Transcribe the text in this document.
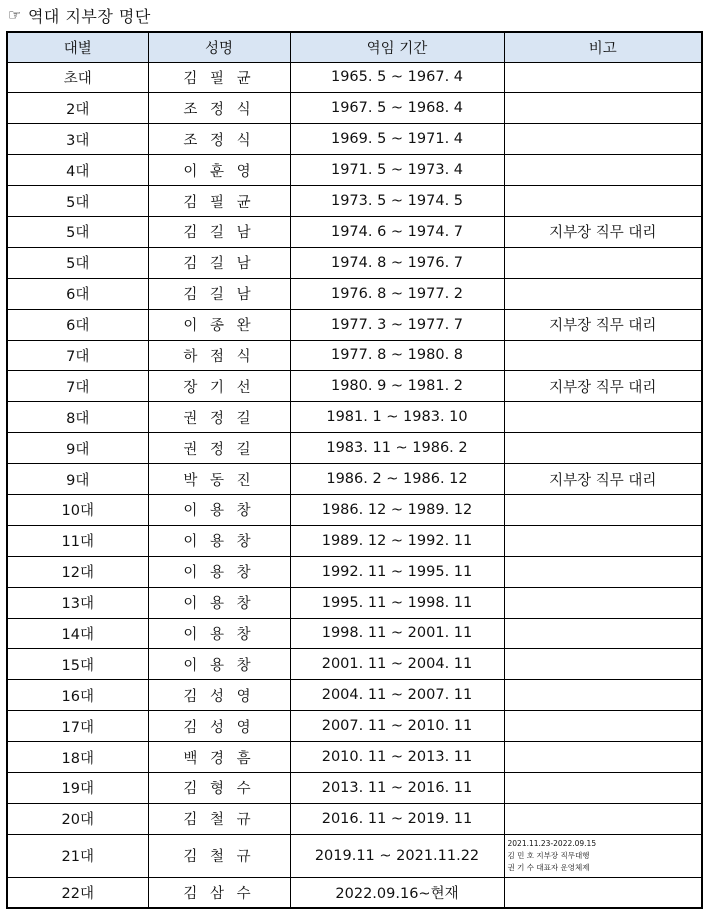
☞ 역대 지부장 명단
대별	성명	역임 기간	비고
초대	김 필 균	1965. 5 ~ 1967. 4	
2대	조 정 식	1967. 5 ~ 1968. 4	
3대	조 정 식	1969. 5 ~ 1971. 4	
4대	이 훈 영	1971. 5 ~ 1973. 4	
5대	김 필 균	1973. 5 ~ 1974. 5	
5대	김 길 남	1974. 6 ~ 1974. 7	지부장 직무 대리
5대	김 길 남	1974. 8 ~ 1976. 7	
6대	김 길 남	1976. 8 ~ 1977. 2	
6대	이 종 완	1977. 3 ~ 1977. 7	지부장 직무 대리
7대	하 점 식	1977. 8 ~ 1980. 8	
7대	장 기 선	1980. 9 ~ 1981. 2	지부장 직무 대리
8대	권 정 길	1981. 1 ~ 1983. 10	
9대	권 정 길	1983. 11 ~ 1986. 2	
9대	박 동 진	1986. 2 ~ 1986. 12	지부장 직무 대리
10대	이 용 창	1986. 12 ~ 1989. 12	
11대	이 용 창	1989. 12 ~ 1992. 11	
12대	이 용 창	1992. 11 ~ 1995. 11	
13대	이 용 창	1995. 11 ~ 1998. 11	
14대	이 용 창	1998. 11 ~ 2001. 11	
15대	이 용 창	2001. 11 ~ 2004. 11	
16대	김 성 영	2004. 11 ~ 2007. 11	
17대	김 성 영	2007. 11 ~ 2010. 11	
18대	백 경 흠	2010. 11 ~ 2013. 11	
19대	김 형 수	2013. 11 ~ 2016. 11	
20대	김 철 규	2016. 11 ~ 2019. 11	
21대	김 철 규	2019.11 ~ 2021.11.22	2021.11.23-2022.09.15
김 민 호 지부장 직무대행
권 기 수 대표자 운영체제

22대	김 삼 수	2022.09.16~현재	
